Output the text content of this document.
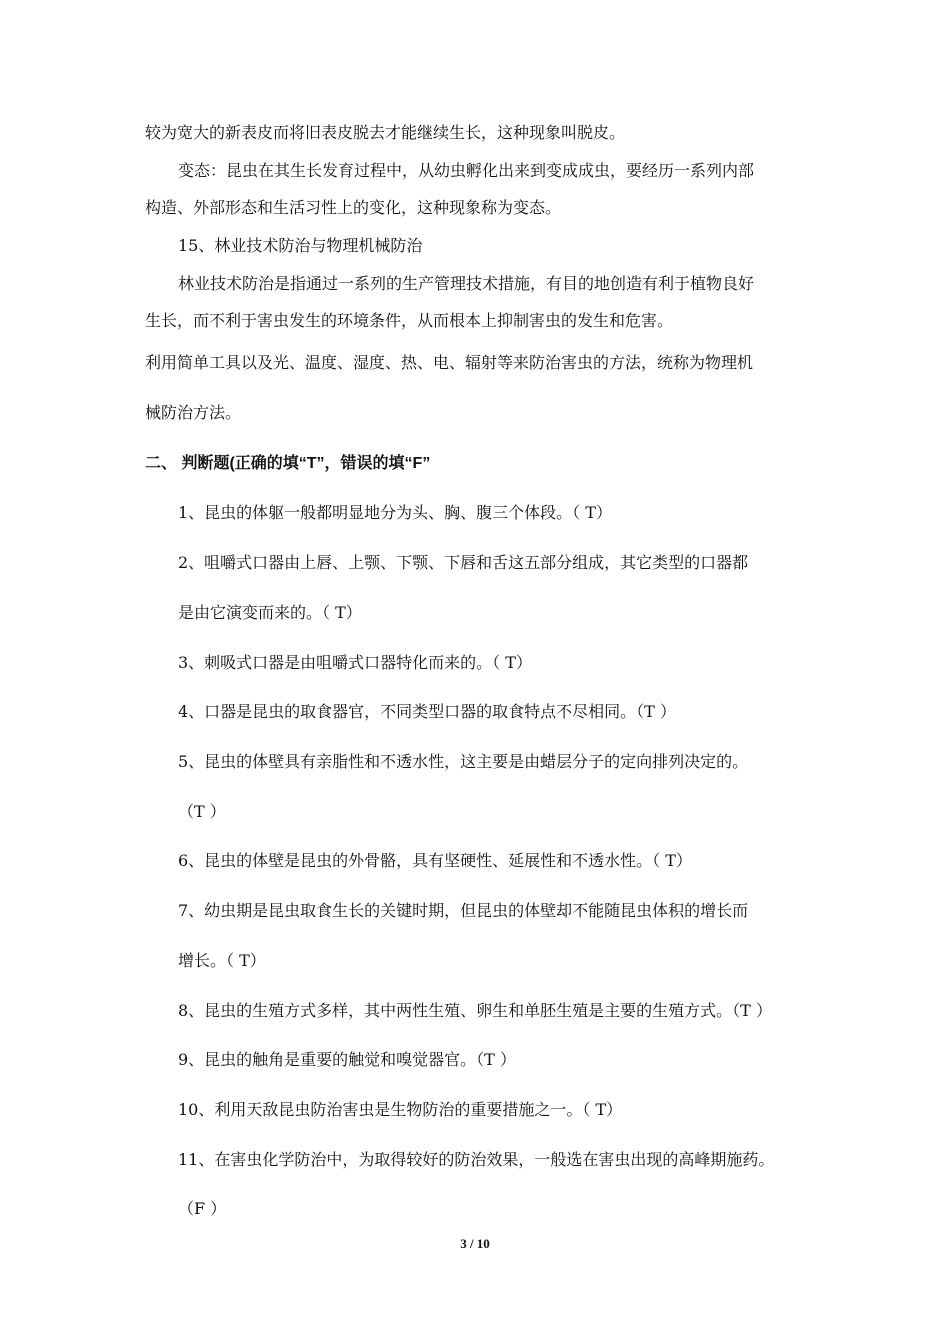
较为宽大的新表皮而将旧表皮脱去才能继续生长，这种现象叫脱皮。
变态：昆虫在其生长发育过程中，从幼虫孵化出来到变成成虫，要经历一系列内部
构造、外部形态和生活习性上的变化，这种现象称为变态。
15、林业技术防治与物理机械防治
林业技术防治是指通过一系列的生产管理技术措施，有目的地创造有利于植物良好
生长，而不利于害虫发生的环境条件，从而根本上抑制害虫的发生和危害。
利用简单工具以及光、温度、湿度、热、电、辐射等来防治害虫的方法，统称为物理机
械防治方法。
二、 判断题(正确的填“T”，错误的填“F”
1、昆虫的体躯一般都明显地分为头、胸、腹三个体段。（ T）
2、咀嚼式口器由上唇、上颚、下颚、下唇和舌这五部分组成，其它类型的口器都
是由它演变而来的。（ T）
3、刺吸式口器是由咀嚼式口器特化而来的。（ T）
4、口器是昆虫的取食器官，不同类型口器的取食特点不尽相同。（T ）
5、昆虫的体壁具有亲脂性和不透水性，这主要是由蜡层分子的定向排列决定的。
（T ）
6、昆虫的体壁是昆虫的外骨骼，具有坚硬性、延展性和不透水性。（ T）
7、幼虫期是昆虫取食生长的关键时期，但昆虫的体壁却不能随昆虫体积的增长而
增长。（ T）
8、昆虫的生殖方式多样，其中两性生殖、卵生和单胚生殖是主要的生殖方式。（T ）
9、昆虫的触角是重要的触觉和嗅觉器官。（T ）
10、利用天敌昆虫防治害虫是生物防治的重要措施之一。（ T）
11、在害虫化学防治中，为取得较好的防治效果，一般选在害虫出现的高峰期施药。
（F ）
3 / 10
